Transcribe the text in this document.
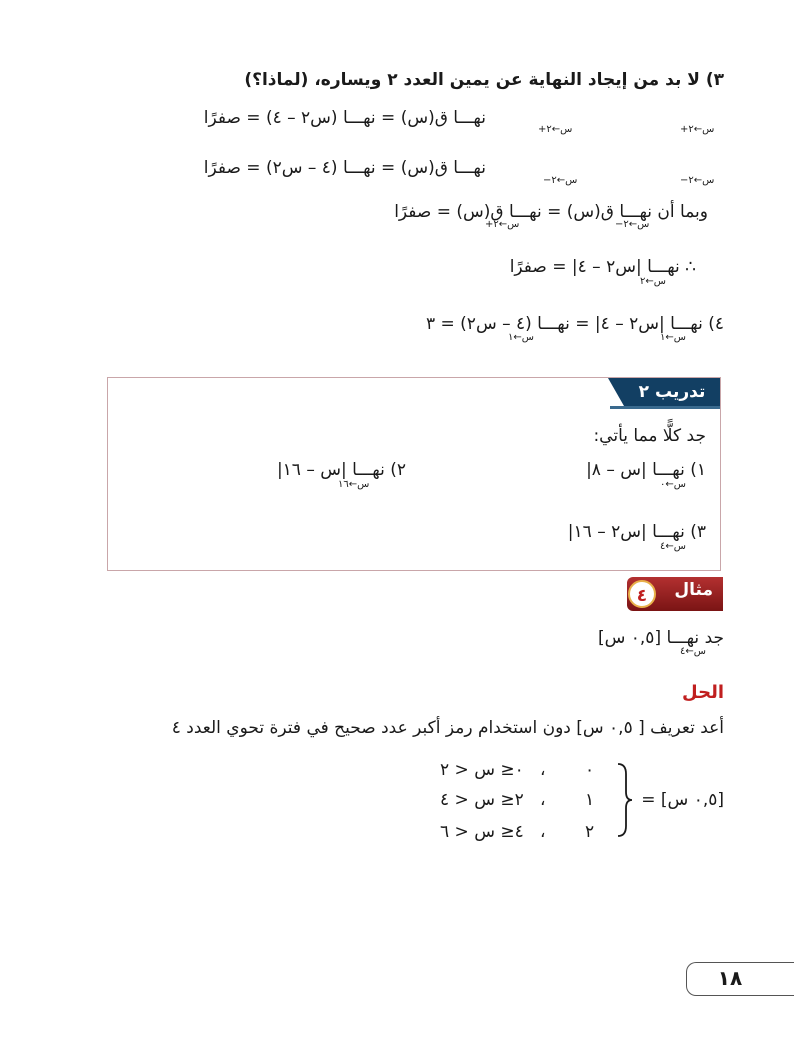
٣) لا بد من إيجاد النهاية عن يمين العدد ٢ ويساره، (لماذا؟)
نهـــا ق(س) = نهـــا (س٢ – ٤) = صفرًا
س←٢+
س←٢+
نهـــا ق(س) = نهـــا (٤ – س٢) = صفرًا
س←٢−
س←٢−
وبما أن نهـــا ق(س) = نهـــا ق(س) = صفرًا
س←٢−
س←٢+
∴ نهـــا |س٢ – ٤| = صفرًا
س←٢
٤) نهـــا |س٢ – ٤| = نهـــا (٤ – س٢) = ٣
س←١
س←١
تدريب ٢
جد كلًّا مما يأتي:
١) نهـــا |س – ٨|
س←٠
٢) نهـــا |س – ١٦|
س←١٦
٣) نهـــا |س٢ – ١٦|
س←٤
مثال
٤
جد نهـــا [٠,٥ س]
س←٤
الحل
أعد تعريف [ ٠,٥ س] دون استخدام رمز أكبر عدد صحيح في فترة تحوي العدد ٤
[٠,٥ س] =
٠
،
٠≤ س < ٢
١
،
٢≤ س < ٤
٢
،
٤≤ س < ٦
١٨
